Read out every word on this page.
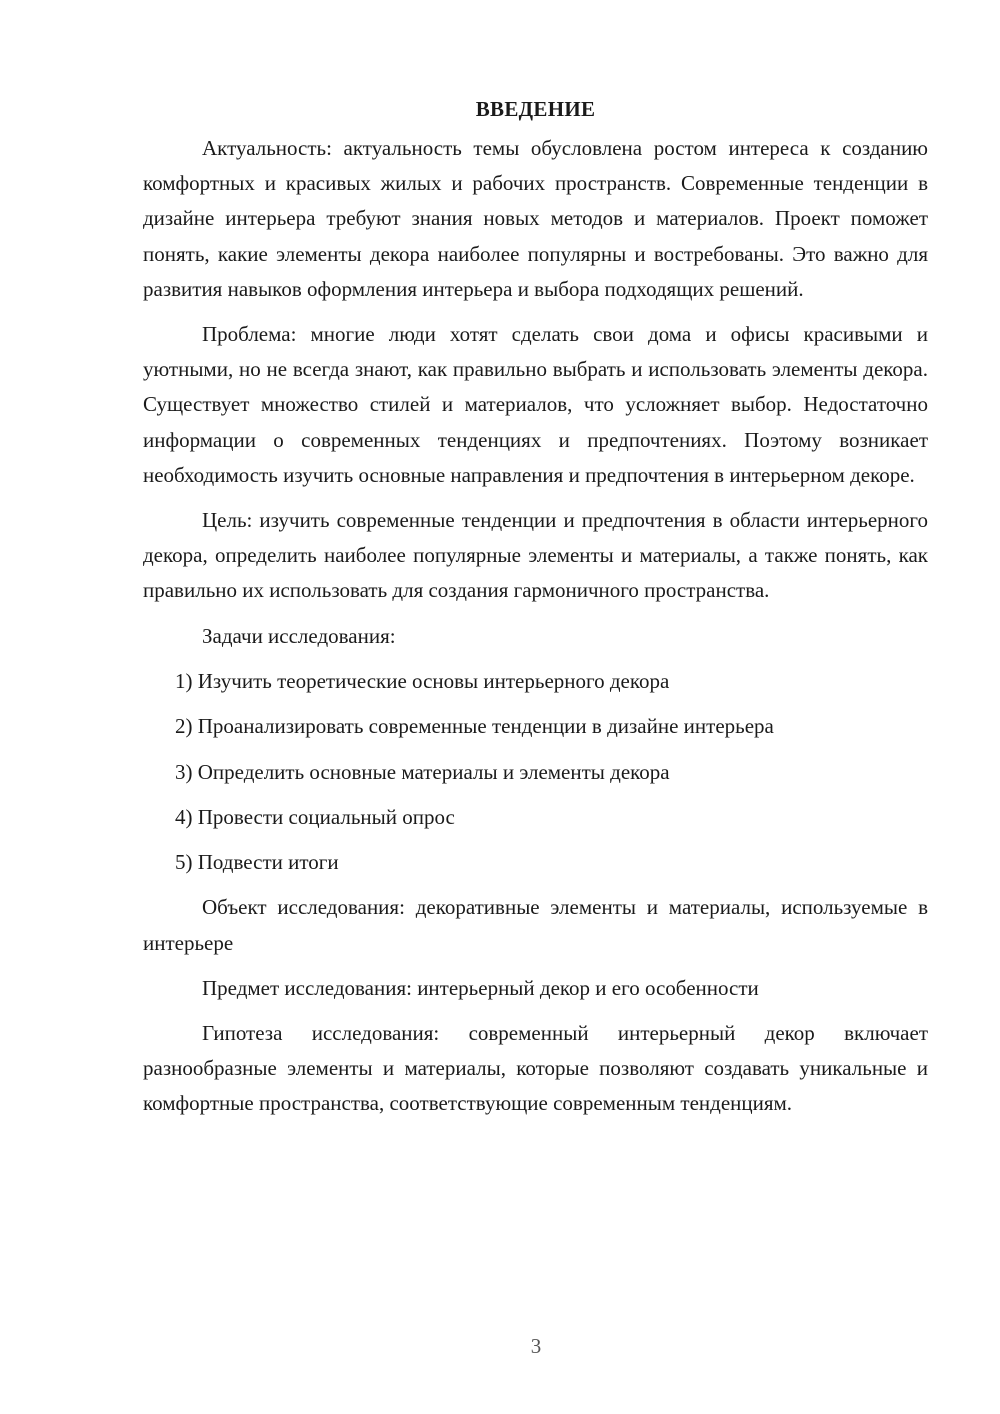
ВВЕДЕНИЕ

Актуальность: актуальность темы обусловлена ростом интереса к созданию комфортных и красивых жилых и рабочих пространств. Современные тенденции в дизайне интерьера требуют знания новых методов и материалов. Проект поможет понять, какие элементы декора наиболее популярны и востребованы. Это важно для развития навыков оформления интерьера и выбора подходящих решений.

Проблема: многие люди хотят сделать свои дома и офисы красивыми и уютными, но не всегда знают, как правильно выбрать и использовать элементы декора. Существует множество стилей и материалов, что усложняет выбор. Недостаточно информации о современных тенденциях и предпочтениях. Поэтому возникает необходимость изучить основные направления и предпочтения в интерьерном декоре.

Цель: изучить современные тенденции и предпочтения в области интерьерного декора, определить наиболее популярные элементы и материалы, а также понять, как правильно их использовать для создания гармоничного пространства.

Задачи исследования:

1) Изучить теоретические основы интерьерного декора

2) Проанализировать современные тенденции в дизайне интерьера

3) Определить основные материалы и элементы декора

4) Провести социальный опрос

5) Подвести итоги

Объект исследования: декоративные элементы и материалы, используемые в интерьере

Предмет исследования: интерьерный декор и его особенности

Гипотеза исследования: современный интерьерный декор включает разнообразные элементы и материалы, которые позволяют создавать уникальные и комфортные пространства, соответствующие современным тенденциям.

3
